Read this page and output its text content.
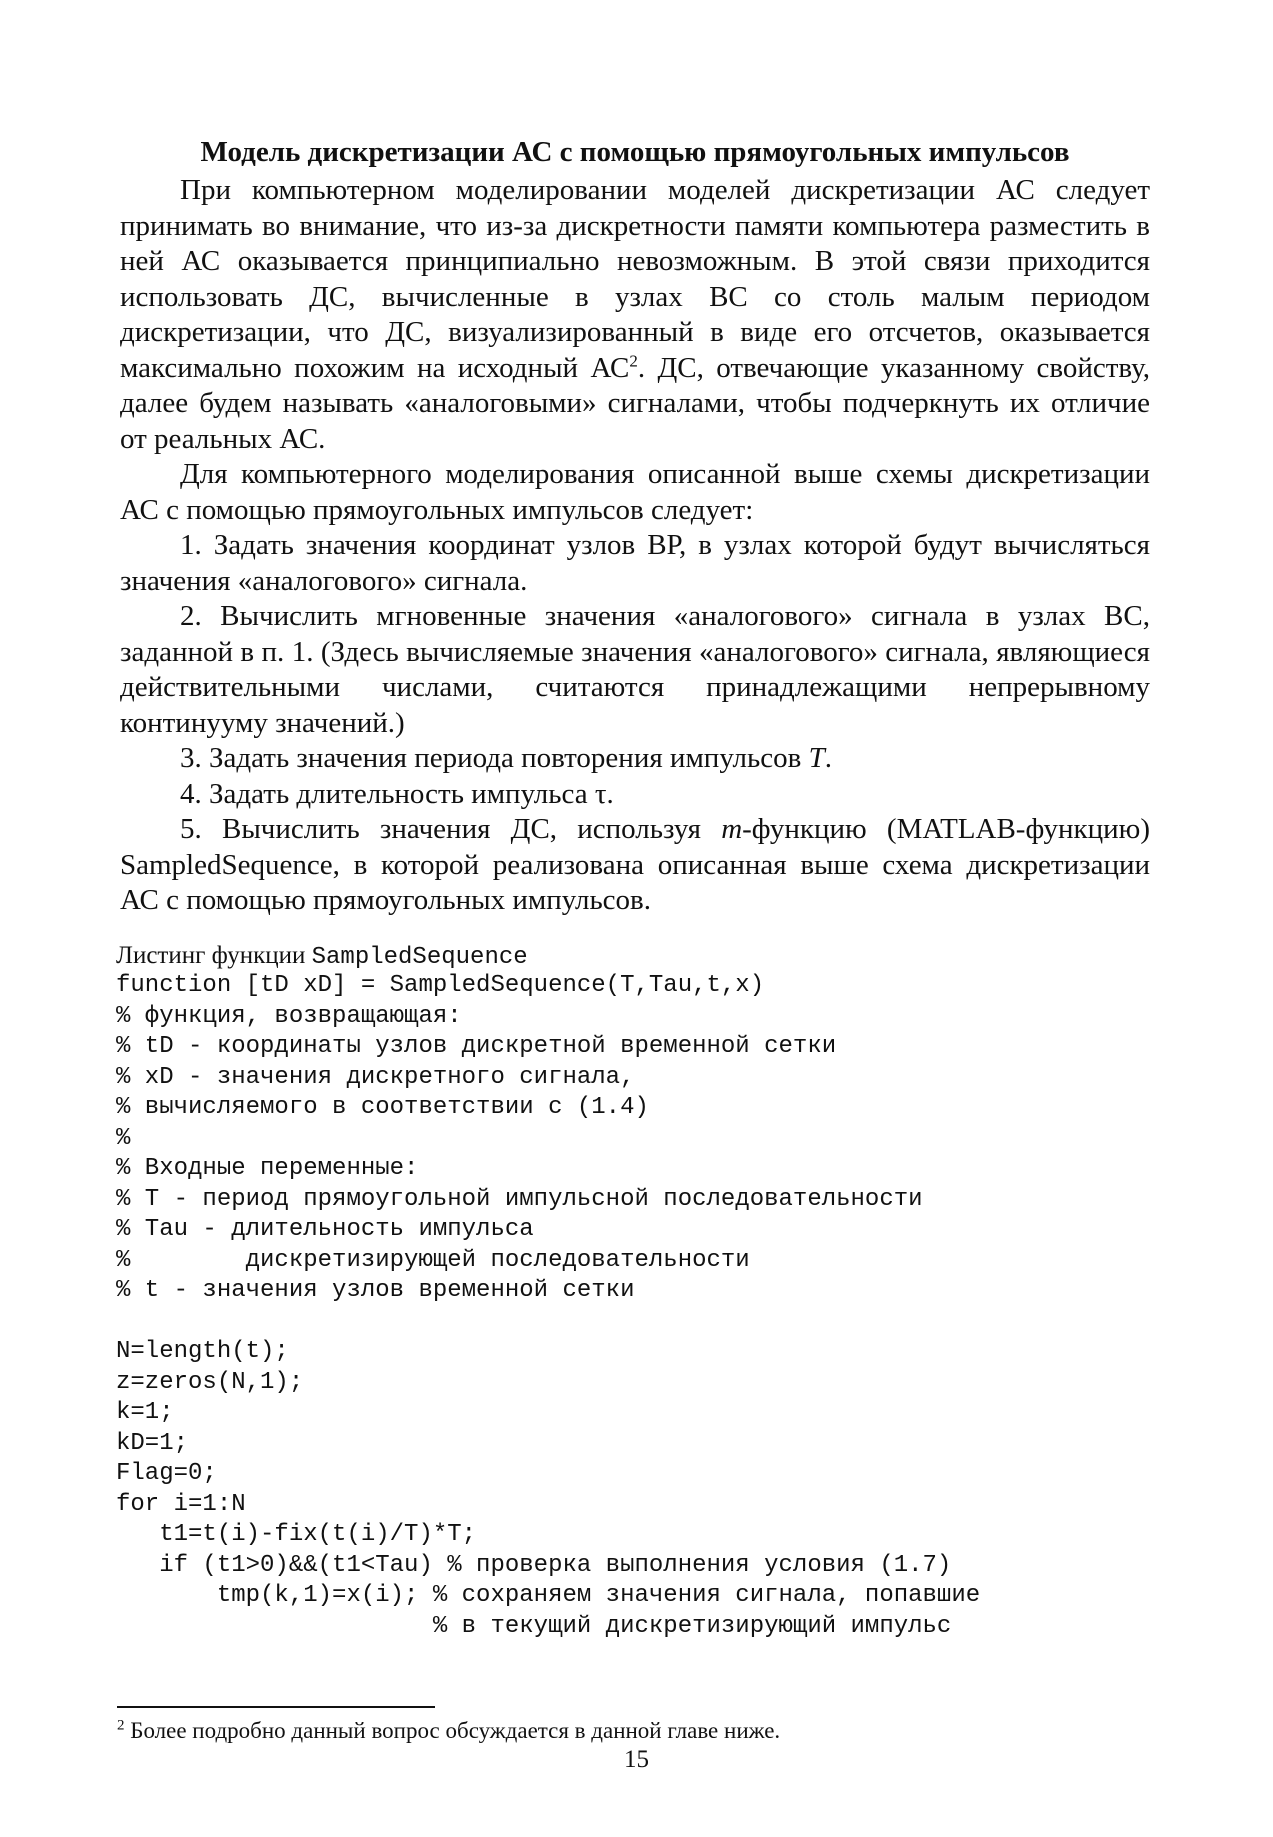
Модель дискретизации АС с помощью прямоугольных импульсов

При компьютерном моделировании моделей дискретизации АС следует принимать во внимание, что из-за дискретности памяти компьютера разместить в ней АС оказывается принципиально невозможным. В этой связи приходится использовать ДС, вычисленные в узлах ВС со столь малым периодом дискретизации, что ДС, визуализированный в виде его отсчетов, оказывается максимально похожим на исходный $АС^2$. ДС, отвечающие указанному свойству, далее будем называть «аналоговыми» сигналами, чтобы подчеркнуть их отличие от реальных АС.

Для компьютерного моделирования описанной выше схемы дискретизации АС с помощью прямоугольных импульсов следует:

1. Задать значения координат узлов ВР, в узлах которой будут вычисляться значения «аналогового» сигнала.

2. Вычислить мгновенные значения «аналогового» сигнала в узлах ВС, заданной в п. 1. (Здесь вычисляемые значения «аналогового» сигнала, являющиеся действительными числами, считаются принадлежащими непрерывному континууму значений.)

3. Задать значения периода повторения импульсов T.

4. Задать длительность импульса τ.

5. Вычислить значения ДС, используя m-функцию (MATLAB-функцию) SampledSequence, в которой реализована описанная выше схема дискретизации АС с помощью прямоугольных импульсов.

Листинг функции SampledSequence
function [tD xD] = SampledSequence(T,Tau,t,x)
% функция, возвращающая:
% tD - координаты узлов дискретной временной сетки
% xD - значения дискретного сигнала,
% вычисляемого в соответствии с (1.4)
%
% Входные переменные:
% T - период прямоугольной импульсной последовательности
% Tau - длительность импульса
%        дискретизирующей последовательности
% t - значения узлов временной сетки
N=length(t);
z=zeros(N,1);
k=1;
kD=1;
Flag=0;
for i=1:N
t1=t(i)-fix(t(i)/T)*T;
if (t1>0)&&(t1<Tau) % проверка выполнения условия (1.7)
tmp(k,1)=x(i); % сохраняем значения сигнала, попавшие
% в текущий дискретизирующий импульс
$^2$ Более подробно данный вопрос обсуждается в данной главе ниже.
15
